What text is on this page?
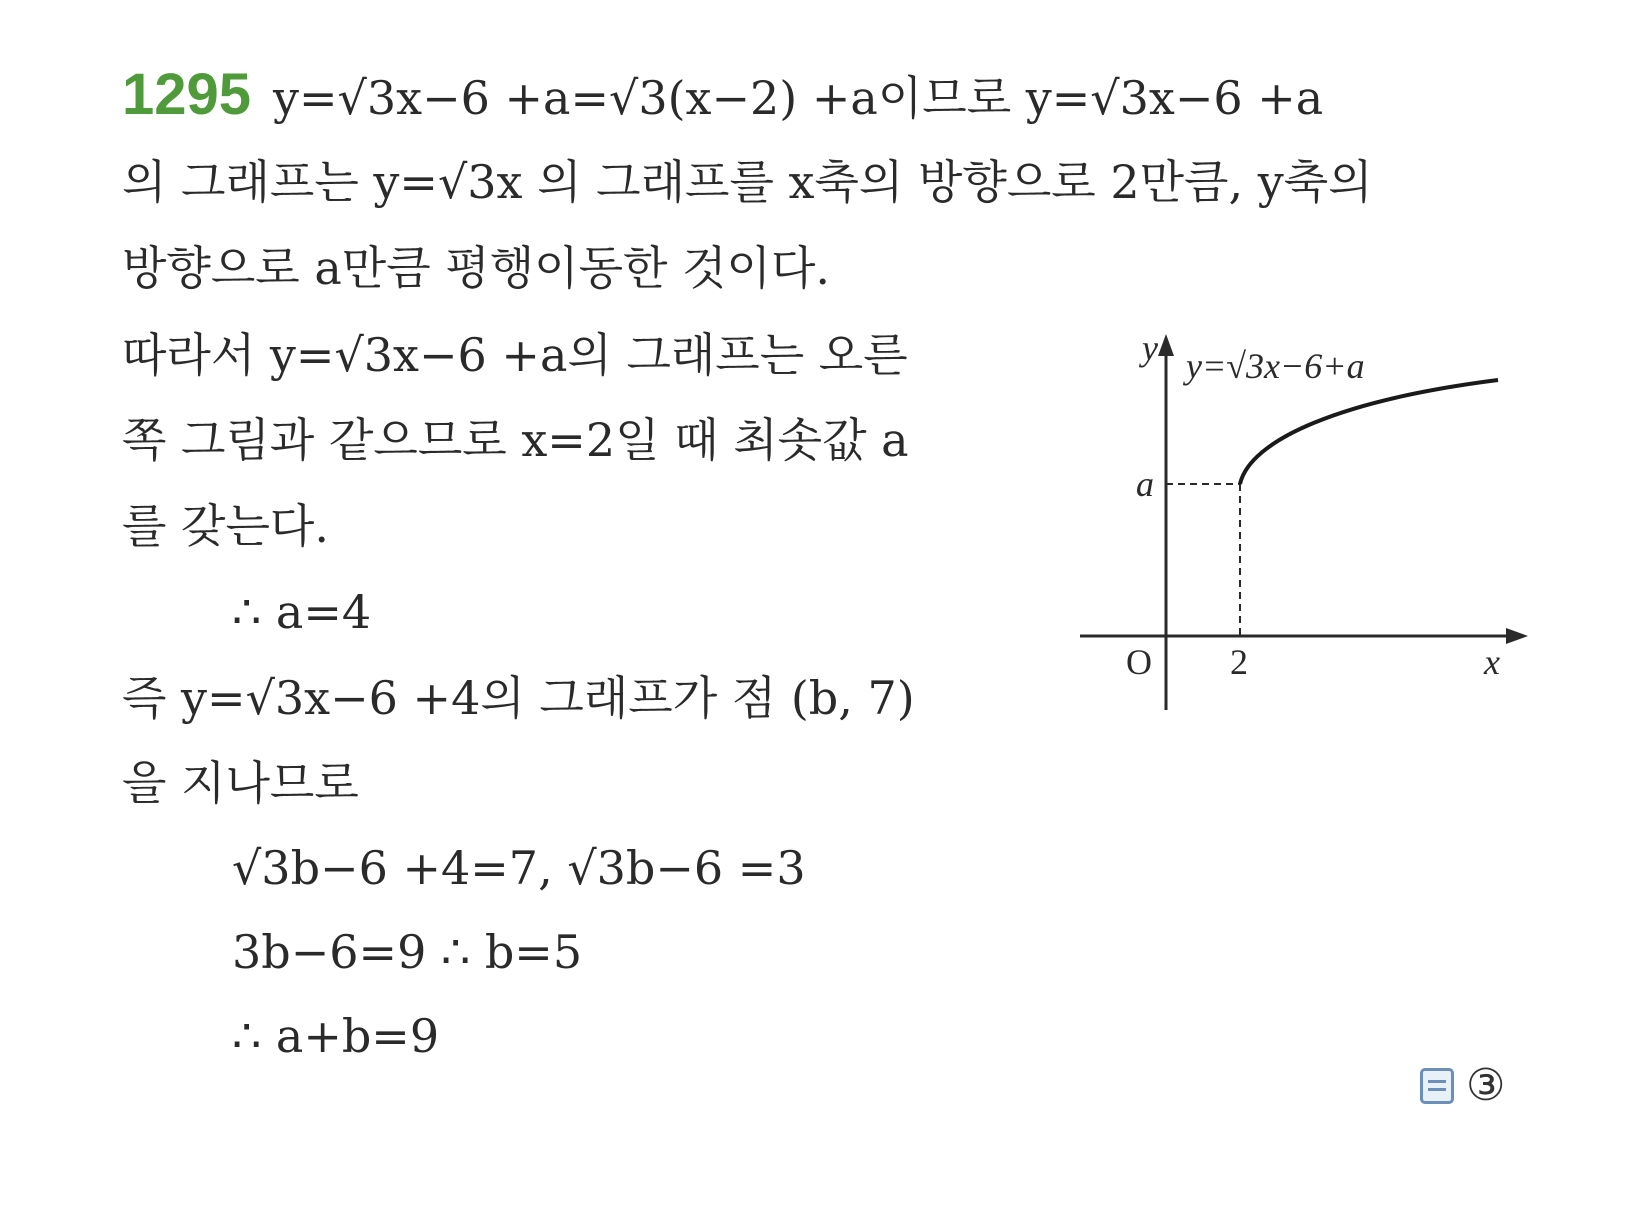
1295 y=√3x−6 +a=√3(x−2) +a이므로 y=√3x−6 +a
의 그래프는 y=√3x 의 그래프를 x축의 방향으로 2만큼, y축의
방향으로 a만큼 평행이동한 것이다.
따라서 y=√3x−6 +a의 그래프는 오른
쪽 그림과 같으므로 x=2일 때 최솟값 a
를 갖는다.
∴ a=4
즉 y=√3x−6 +4의 그래프가 점 (b, 7)
을 지나므로
√3b−6 +4=7, √3b−6 =3
3b−6=9 ∴ b=5
∴ a+b=9
y y=√3x−6+a
a
O 2	x
③
